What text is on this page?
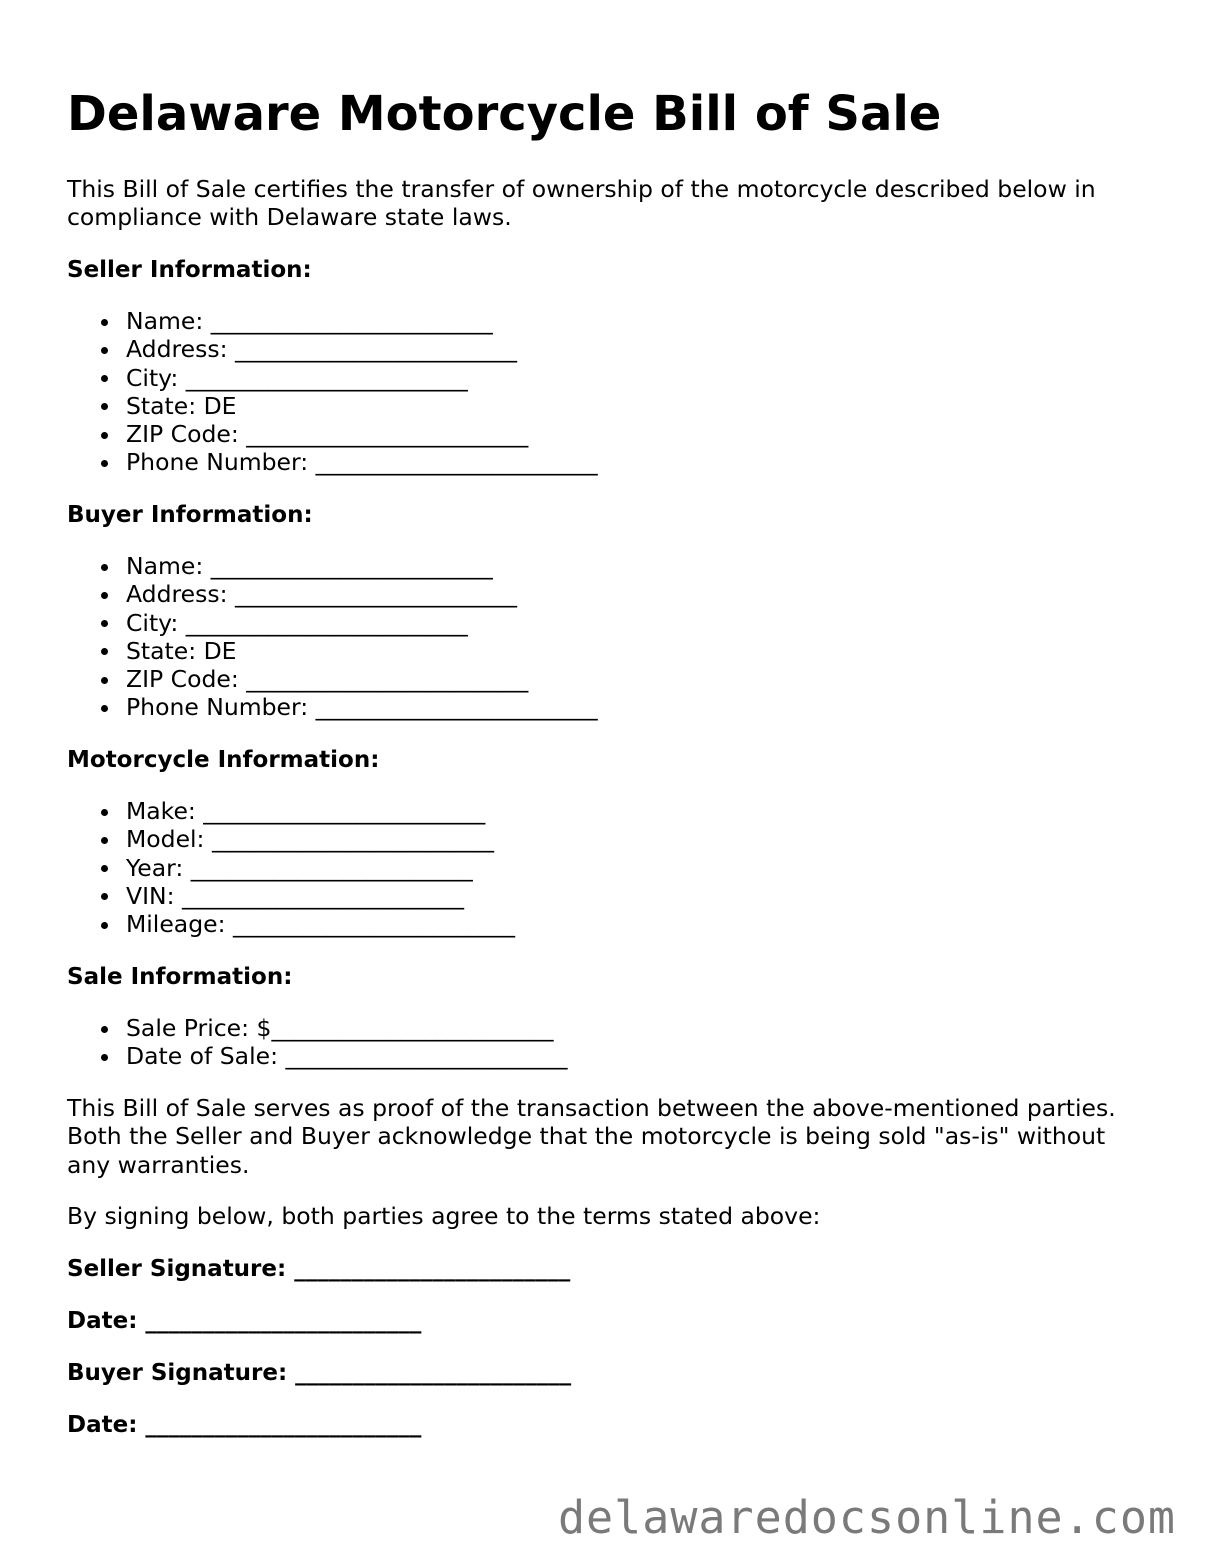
Delaware Motorcycle Bill of Sale

This Bill of Sale certifies the transfer of ownership of the motorcycle described below in compliance with Delaware state laws.

Seller Information:

Name: ________________________
Address: ________________________
City: ________________________
State: DE
ZIP Code: ________________________
Phone Number: ________________________

Buyer Information:

Name: ________________________
Address: ________________________
City: ________________________
State: DE
ZIP Code: ________________________
Phone Number: ________________________

Motorcycle Information:

Make: ________________________
Model: ________________________
Year: ________________________
VIN: ________________________
Mileage: ________________________

Sale Information:

Sale Price: $________________________
Date of Sale: ________________________

This Bill of Sale serves as proof of the transaction between the above-mentioned parties. Both the Seller and Buyer acknowledge that the motorcycle is being sold "as-is" without any warranties.

By signing below, both parties agree to the terms stated above:

Seller Signature: ________________________

Date: ________________________

Buyer Signature: ________________________

Date: ________________________

delawaredocsonline.com
